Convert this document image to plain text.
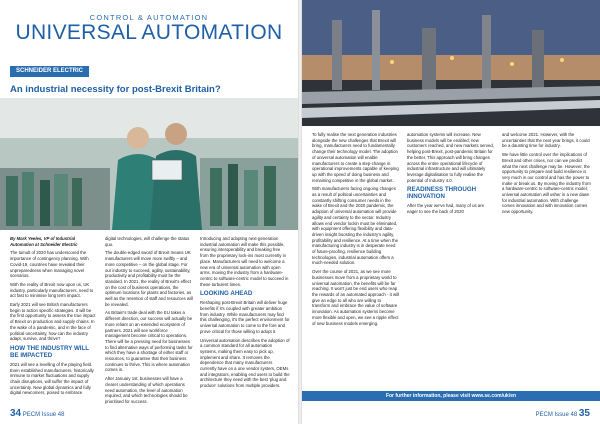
CONTROL & AUTOMATION
UNIVERSAL AUTOMATION
SCHNEIDER ELECTRIC
An industrial necessity for post-Brexit Britain?

By Mark Yeeles, VP of Industrial Automation at Schneider Electric

The tumult of 2020 has underscored the importance of contingency planning. With Covid-19, countries have revealed their unpreparedness when managing novel scenarios.

With the reality of Brexit now upon us, UK industry, particularly manufacturers, need to act fast to minimise long term impact.

Early 2021 will see British manufacturers begin to action specific strategies. It will be the first opportunity to assess the true impact of Brexit on production and supply chains. In the wake of a pandemic, and in the face of political uncertainty, how can the industry adapt, survive, and thrive?

HOW THE INDUSTRY WILL BE IMPACTED

2021 will see a levelling of the playing field. Even established manufacturers, historically immune to market fluctuations and supply chain disruptions, will suffer the impact of uncertainty. New global dynamics and fully digital newcomers, poised to embrace

digital technologies, will challenge the status quo.

The double-edged sword of Brexit means UK manufacturers will move more swiftly – and more competitive – on the global stage. For our industry to succeed, agility, sustainability, productivity and profitability must be the standard. In 2021, the reality of Brexit's effect on the cost of business operations, the optimum locations for plants and factories, as well as the retention of staff and resources will be revealed.

As Britain's trade deal with the EU takes a different direction, our success will actually be more reliant on an extended ecosystem of partners. 2021 will see workforce management become critical to operations. There will be a pressing need for businesses to find alternative ways of performing tasks for which they have a shortage of either staff or resources, to guarantee that their business continues to thrive. This is where automation comes in.

After January 1st, businesses will have a clearer understanding of which operations need automation, the level of automation required, and which technologies should be prioritised for success.

Introducing and adopting next-generation industrial automation will make this possible, ensuring interoperability and breaking free from the proprietary lock-ins most currently in place. Manufacturers will need to welcome a new era of universal automation with open arms, moving the industry from a hardware-centric to software-centric model to succeed in these turbulent times.

LOOKING AHEAD

Reshaping post-Brexit Britain will deliver huge benefits if it's coupled with greater ambition from industry. While manufacturers may find this challenging, it's the perfect environment for universal automation to come to the fore and prove critical for those willing to adopt it.

Universal automation describes the adoption of a common standard for all automation systems, making them easy to pick up, implement and share. It removes the dependence that many manufacturers currently have on a one vendor system, OEMs and integrators, enabling end users to build the architecture they need with the best 'plug and produce' solutions from multiple providers.

34 PECM Issue 48

To fully realise the next generation industries alongside the new challenges that Brexit will bring, manufacturers need to fundamentally change their technology model. The adoption of universal automation will enable manufacturers to create a step-change in operational improvements capable of keeping up with the speed of doing business and remaining competitive in the global market.

With manufacturers facing ongoing changes as a result of political uncertainties and constantly shifting consumer needs in the wake of Brexit and the 2020 pandemic, the adoption of universal automation will provide agility and certainty to the sector. Industry allows end vendor lockin must be eliminated, with equipment offering flexibility and data-driven insight boosting the industry's agility, profitability and resilience. At a time when the manufacturing industry is in desperate need of future-proofing, resilience building technologies, industrial automation offers a much-needed solution.

Over the course of 2021, as we see more businesses move from a proprietary world to universal automation, the benefits will be far reaching. It won't just be end users who reap the rewards of an automated approach - it will give an edge to all who are willing to transform and embrace the value of software innovation. As automation systems become more flexible and open, we see a ripple effect of new business models emerging.

automation systems will increase. New business models will be enabled, new customers reached, and new markets served, helping post-Brexit, post-pandemic Britain for the better. This approach will bring changes across the entire operational lifecycle of industrial infrastructure and will ultimately leverage digitalisation to fully realise the potential of Industry 4.0.

READINESS THROUGH INNOVATION

After the year we've had, many of us are eager to see the back of 2020

and welcome 2021. However, with the uncertainties that the next year brings, it could be a daunting time for industry.

We have little control over the implications of Brexit and other crises, nor can we predict what the next challenge may be. However, the opportunity to prepare and build resilience is very much in our control and has the power to make or break us. By moving the industry from a hardware-centric to software-centric model, universal automation will usher in a new dawn for industrial automation. With challenge comes innovation and with innovation comes new opportunity.

For further information, please visit www.se.com/uk/en
PECM Issue 48 35
